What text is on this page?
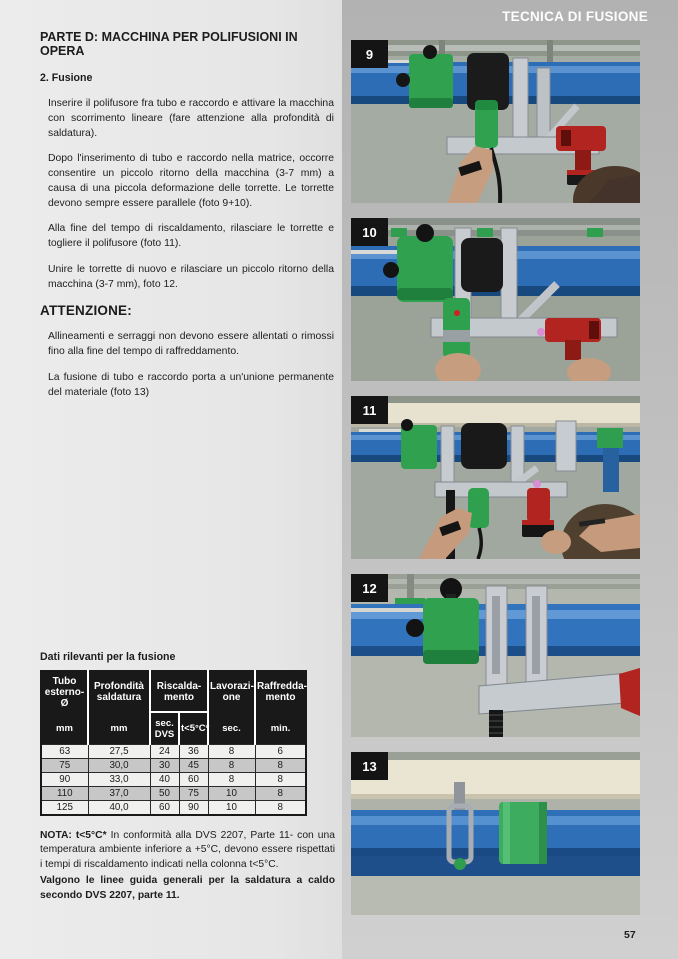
PARTE D: MACCHINA PER POLIFUSIONI IN OPERA
2. Fusione

Inserire il polifusore fra tubo e raccordo e attivare la macchina con scorrimento lineare (fare attenzione alla profondità di saldatura).

Dopo l'inserimento di tubo e raccordo nella matrice, occorre consentire un piccolo ritorno della macchina (3-7 mm) a causa di una piccola deformazione delle torrette. Le torrette devono sempre essere parallele (foto 9+10).

Alla fine del tempo di riscaldamento, rilasciare le torrette e togliere il polifusore (foto 11).

Unire le torrette di nuovo e rilasciare un piccolo ritorno della macchina (3-7 mm), foto 12.

ATTENZIONE:

Allineamenti e serraggi non devono essere allentati o rimossi fino alla fine del tempo di raffreddamento.

La fusione di tubo e raccordo porta a un'unione permanente del materiale (foto 13)

Dati rilevanti per la fusione
Tubo esterno-Ø	Profondità saldatura	Riscalda-mento		Lavorazi-one	Raffredda-mento
mm	mm	sec. DVS	t<5°C*	sec.	min.
63	27,5	24	36	8	6
75	30,0	30	45	8	8
90	33,0	40	60	8	8
110	37,0	50	75	10	8
125	40,0	60	90	10	8

NOTA: t<5°C* In conformità alla DVS 2207, Parte 11- con una temperatura ambiente inferiore a +5°C, devono essere rispettati i tempi di riscaldamento indicati nella colonna t<5°C.

Valgono le linee guida generali per la saldatura a caldo secondo DVS 2207, parte 11.

TECNICA DI FUSIONE
9
10
11
12
13
57
